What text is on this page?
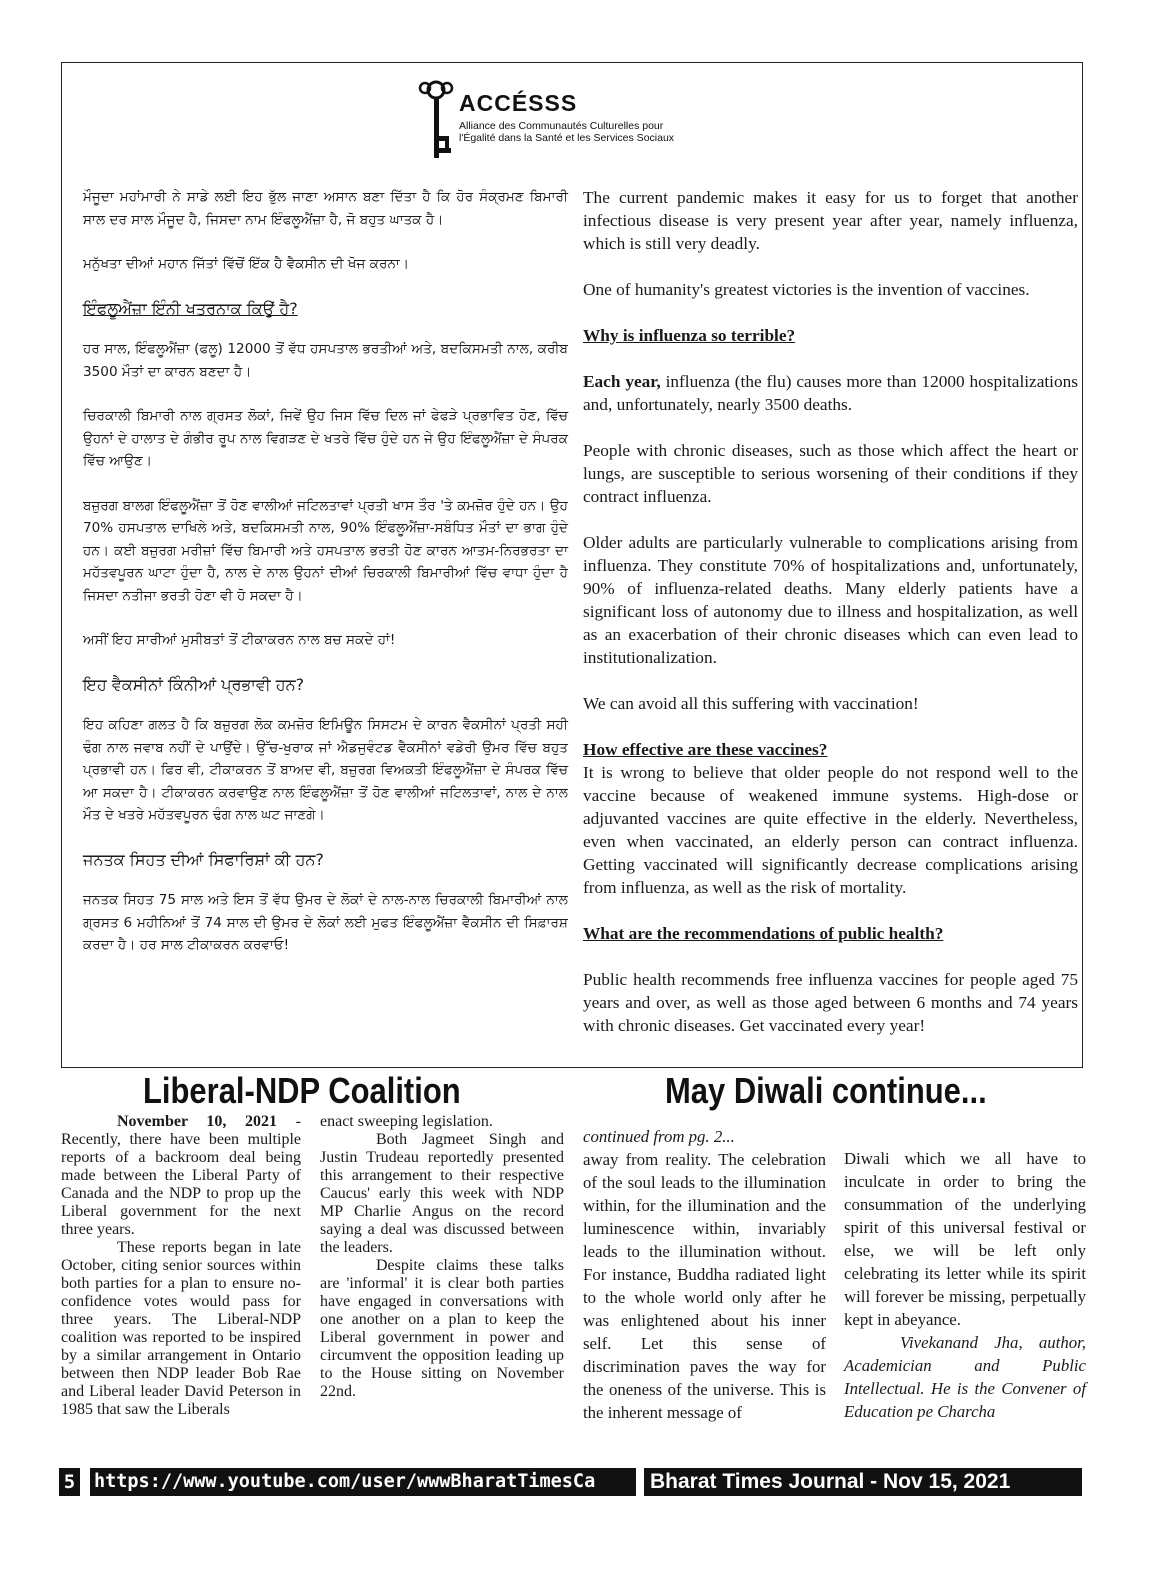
ACCÉSSS
Alliance des Communautés Culturelles pour
l'Égalité dans la Santé et les Services Sociaux

ਮੌਜੂਦਾ ਮਹਾਂਮਾਰੀ ਨੇ ਸਾਡੇ ਲਈ ਇਹ ਭੁੱਲ ਜਾਣਾ ਅਸਾਨ ਬਣਾ ਦਿੱਤਾ ਹੈ ਕਿ ਹੋਰ ਸੰਕ੍ਰਮਣ ਬਿਮਾਰੀ ਸਾਲ ਦਰ ਸਾਲ ਮੌਜੂਦ ਹੈ, ਜਿਸਦਾ ਨਾਮ ਇੰਫਲੂਐਂਜ਼ਾ ਹੈ, ਜੋ ਬਹੁਤ ਘਾਤਕ ਹੈ।

ਮਨੁੱਖਤਾ ਦੀਆਂ ਮਹਾਨ ਜਿੱਤਾਂ ਵਿੱਚੋਂ ਇੱਕ ਹੈ ਵੈਕਸੀਨ ਦੀ ਖੋਜ ਕਰਨਾ।

ਇੰਫਲੂਐਂਜ਼ਾ ਇੰਨੀ ਖਤਰਨਾਕ ਕਿਉਂ ਹੈ?

ਹਰ ਸਾਲ, ਇੰਫਲੂਐਂਜ਼ਾ (ਫਲੂ) 12000 ਤੋਂ ਵੱਧ ਹਸਪਤਾਲ ਭਰਤੀਆਂ ਅਤੇ, ਬਦਕਿਸਮਤੀ ਨਾਲ, ਕਰੀਬ 3500 ਮੌਤਾਂ ਦਾ ਕਾਰਨ ਬਣਦਾ ਹੈ।

ਚਿਰਕਾਲੀ ਬਿਮਾਰੀ ਨਾਲ ਗ੍ਰਸਤ ਲੋਕਾਂ, ਜਿਵੇਂ ਉਹ ਜਿਸ ਵਿੱਚ ਦਿਲ ਜਾਂ ਫੇਫੜੇ ਪ੍ਰਭਾਵਿਤ ਹੋਣ, ਵਿੱਚ ਉਹਨਾਂ ਦੇ ਹਾਲਾਤ ਦੇ ਗੰਭੀਰ ਰੂਪ ਨਾਲ ਵਿਗੜਣ ਦੇ ਖਤਰੇ ਵਿੱਚ ਹੁੰਦੇ ਹਨ ਜੇ ਉਹ ਇੰਫਲੂਐਂਜ਼ਾ ਦੇ ਸੰਪਰਕ ਵਿੱਚ ਆਉਣ।

ਬਜ਼ੁਰਗ ਬਾਲਗ ਇੰਫਲੂਐਂਜ਼ਾ ਤੋਂ ਹੋਣ ਵਾਲੀਆਂ ਜਟਿਲਤਾਵਾਂ ਪ੍ਰਤੀ ਖਾਸ ਤੌਰ 'ਤੇ ਕਮਜ਼ੋਰ ਹੁੰਦੇ ਹਨ। ਉਹ 70% ਹਸਪਤਾਲ ਦਾਖਿਲੇ ਅਤੇ, ਬਦਕਿਸਮਤੀ ਨਾਲ, 90% ਇੰਫਲੂਐਂਜ਼ਾ-ਸਬੰਧਿਤ ਮੌਤਾਂ ਦਾ ਭਾਗ ਹੁੰਦੇ ਹਨ। ਕਈ ਬਜ਼ੁਰਗ ਮਰੀਜ਼ਾਂ ਵਿੱਚ ਬਿਮਾਰੀ ਅਤੇ ਹਸਪਤਾਲ ਭਰਤੀ ਹੋਣ ਕਾਰਨ ਆਤਮ-ਨਿਰਭਰਤਾ ਦਾ ਮਹੱਤਵਪੂਰਨ ਘਾਟਾ ਹੁੰਦਾ ਹੈ, ਨਾਲ ਦੇ ਨਾਲ ਉਹਨਾਂ ਦੀਆਂ ਚਿਰਕਾਲੀ ਬਿਮਾਰੀਆਂ ਵਿੱਚ ਵਾਧਾ ਹੁੰਦਾ ਹੈ ਜਿਸਦਾ ਨਤੀਜਾ ਭਰਤੀ ਹੋਣਾ ਵੀ ਹੋ ਸਕਦਾ ਹੈ।

ਅਸੀਂ ਇਹ ਸਾਰੀਆਂ ਮੁਸੀਬਤਾਂ ਤੋਂ ਟੀਕਾਕਰਨ ਨਾਲ ਬਚ ਸਕਦੇ ਹਾਂ!

ਇਹ ਵੈਕਸੀਨਾਂ ਕਿੰਨੀਆਂ ਪ੍ਰਭਾਵੀ ਹਨ?

ਇਹ ਕਹਿਣਾ ਗਲਤ ਹੈ ਕਿ ਬਜ਼ੁਰਗ ਲੋਕ ਕਮਜ਼ੋਰ ਇਮਿਊਨ ਸਿਸਟਮ ਦੇ ਕਾਰਨ ਵੈਕਸੀਨਾਂ ਪ੍ਰਤੀ ਸਹੀ ਢੰਗ ਨਾਲ ਜਵਾਬ ਨਹੀਂ ਦੇ ਪਾਉਂਦੇ। ਉੱਚ-ਖੁਰਾਕ ਜਾਂ ਐਡਜੁਵੰਟਡ ਵੈਕਸੀਨਾਂ ਵਡੇਰੀ ਉਮਰ ਵਿੱਚ ਬਹੁਤ ਪ੍ਰਭਾਵੀ ਹਨ। ਫਿਰ ਵੀ, ਟੀਕਾਕਰਨ ਤੋਂ ਬਾਅਦ ਵੀ, ਬਜ਼ੁਰਗ ਵਿਅਕਤੀ ਇੰਫਲੂਐਂਜ਼ਾ ਦੇ ਸੰਪਰਕ ਵਿੱਚ ਆ ਸਕਦਾ ਹੈ। ਟੀਕਾਕਰਨ ਕਰਵਾਉਣ ਨਾਲ ਇੰਫਲੂਐਂਜ਼ਾ ਤੋਂ ਹੋਣ ਵਾਲੀਆਂ ਜਟਿਲਤਾਵਾਂ, ਨਾਲ ਦੇ ਨਾਲ ਮੌਤ ਦੇ ਖਤਰੇ ਮਹੱਤਵਪੂਰਨ ਢੰਗ ਨਾਲ ਘਟ ਜਾਣਗੇ।

ਜਨਤਕ ਸਿਹਤ ਦੀਆਂ ਸਿਫਾਰਿਸ਼ਾਂ ਕੀ ਹਨ?

ਜਨਤਕ ਸਿਹਤ 75 ਸਾਲ ਅਤੇ ਇਸ ਤੋਂ ਵੱਧ ਉਮਰ ਦੇ ਲੋਕਾਂ ਦੇ ਨਾਲ-ਨਾਲ ਚਿਰਕਾਲੀ ਬਿਮਾਰੀਆਂ ਨਾਲ ਗ੍ਰਸਤ 6 ਮਹੀਨਿਆਂ ਤੋਂ 74 ਸਾਲ ਦੀ ਉਮਰ ਦੇ ਲੋਕਾਂ ਲਈ ਮੁਫਤ ਇੰਫਲੂਐਂਜ਼ਾ ਵੈਕਸੀਨ ਦੀ ਸਿਫ਼ਾਰਸ਼ ਕਰਦਾ ਹੈ। ਹਰ ਸਾਲ ਟੀਕਾਕਰਨ ਕਰਵਾਓ!

The current pandemic makes it easy for us to forget that another infectious disease is very present year after year, namely influenza, which is still very deadly.

One of humanity's greatest victories is the invention of vaccines.

Why is influenza so terrible?

Each year, influenza (the flu) causes more than 12000 hospitalizations and, unfortunately, nearly 3500 deaths.

People with chronic diseases, such as those which affect the heart or lungs, are susceptible to serious worsening of their conditions if they contract influenza.

Older adults are particularly vulnerable to complications arising from influenza. They constitute 70% of hospitalizations and, unfortunately, 90% of influenza-related deaths. Many elderly patients have a significant loss of autonomy due to illness and hospitalization, as well as an exacerbation of their chronic diseases which can even lead to institutionalization.

We can avoid all this suffering with vaccination!

How effective are these vaccines?

It is wrong to believe that older people do not respond well to the vaccine because of weakened immune systems. High-dose or adjuvanted vaccines are quite effective in the elderly. Nevertheless, even when vaccinated, an elderly person can contract influenza. Getting vaccinated will significantly decrease complications arising from influenza, as well as the risk of mortality.

What are the recommendations of public health?

Public health recommends free influenza vaccines for people aged 75 years and over, as well as those aged between 6 months and 74 years with chronic diseases. Get vaccinated every year!

Liberal-NDP Coalition	May Diwali continue...

November 10, 2021 - Recently, there have been multiple reports of a backroom deal being made between the Liberal Party of Canada and the NDP to prop up the Liberal government for the next three years.

These reports began in late October, citing senior sources within both parties for a plan to ensure no-confidence votes would pass for three years. The Liberal-NDP coalition was reported to be inspired by a similar arrangement in Ontario between then NDP leader Bob Rae and Liberal leader David Peterson in 1985 that saw the Liberals

enact sweeping legislation.

Both Jagmeet Singh and Justin Trudeau reportedly presented this arrangement to their respective Caucus' early this week with NDP MP Charlie Angus on the record saying a deal was discussed between the leaders.

Despite claims these talks are 'informal' it is clear both parties have engaged in conversations with one another on a plan to keep the Liberal government in power and circumvent the opposition leading up to the House sitting on November 22nd.

continued from pg. 2...

away from reality. The celebration of the soul leads to the illumination within, for the illumination and the luminescence within, invariably leads to the illumination without. For instance, Buddha radiated light to the whole world only after he was enlightened about his inner self. Let this sense of discrimination paves the way for the oneness of the universe. This is the inherent message of

Diwali which we all have to inculcate in order to bring the consummation of the underlying spirit of this universal festival or else, we will be left only celebrating its letter while its spirit will forever be missing, perpetually kept in abeyance.

Vivekanand Jha, author, Academician and Public Intellectual. He is the Convener of Education pe Charcha

5 https://www.youtube.com/user/wwwBharatTimesCa	Bharat Times Journal - Nov 15, 2021
